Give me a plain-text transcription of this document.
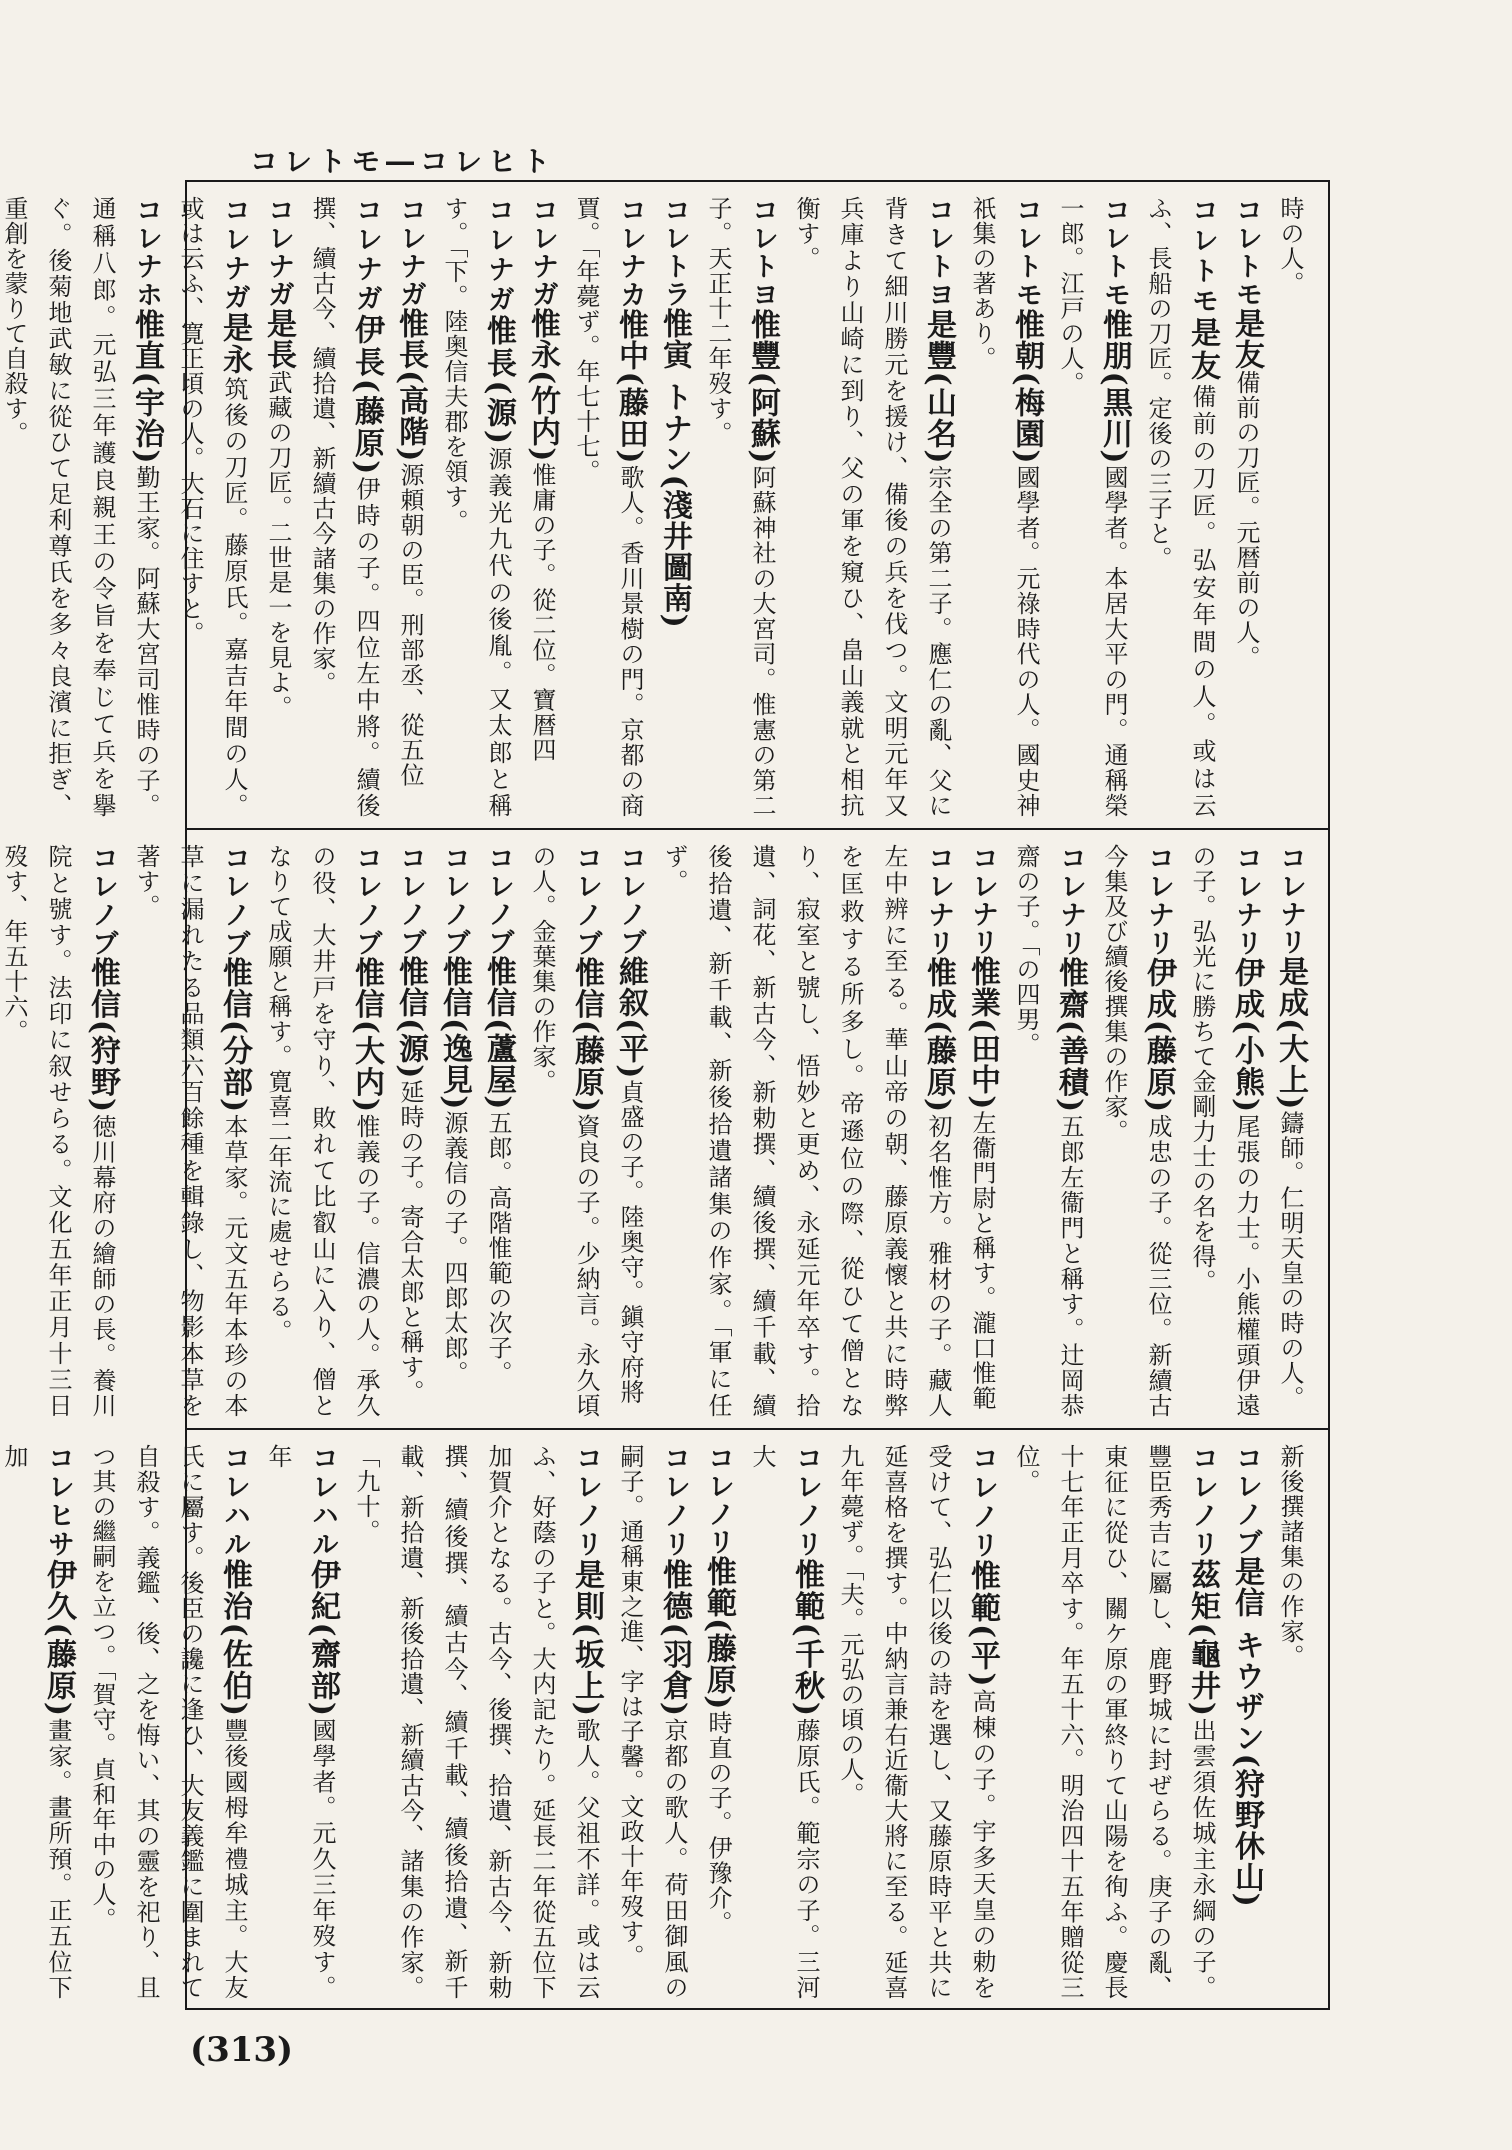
コレトモ―コレヒト

時の人。

コレトモ是友備前の刀匠。元暦前の人。

コレトモ是友備前の刀匠。弘安年間の人。或は云ふ、長船の刀匠。定後の三子と。

コレトモ惟朋(黒川)國學者。本居大平の門。通稱榮一郎。江戸の人。

コレトモ惟朝(梅園)國學者。元祿時代の人。國史神祇集の著あり。

コレトヨ是豐(山名)宗全の第二子。應仁の亂、父に背きて細川勝元を援け、備後の兵を伐つ。文明元年又兵庫より山崎に到り、父の軍を窺ひ、畠山義就と相抗衡す。

コレトヨ惟豐(阿蘇)阿蘇神社の大宮司。惟憲の第二子。天正十二年歿す。

コレトラ惟寅 トナン(淺井圖南)

コレナカ惟中(藤田)歌人。香川景樹の門。京都の商賈。「年薨ず。年七十七。

コレナガ惟永(竹内)惟庸の子。從二位。寶暦四

コレナガ惟長(源)源義光九代の後胤。又太郎と稱す。「下。陸奥信夫郡を領す。

コレナガ惟長(高階)源頼朝の臣。刑部丞、從五位

コレナガ伊長(藤原)伊時の子。四位左中將。續後撰、續古今、續拾遺、新續古今諸集の作家。

コレナガ是長武藏の刀匠。二世是一を見よ。

コレナガ是永筑後の刀匠。藤原氏。嘉吉年間の人。或は云ふ、寛正頃の人。大石に住すと。

コレナホ惟直(宇治)勤王家。阿蘇大宮司惟時の子。通稱八郎。元弘三年護良親王の令旨を奉じて兵を擧ぐ。後菊地武敏に從ひて足利尊氏を多々良濱に拒ぎ、重創を蒙りて自殺す。

コレナリ是成(大上)鑄師。仁明天皇の時の人。

コレナリ伊成(小熊)尾張の力士。小熊權頭伊遠の子。弘光に勝ちて金剛力士の名を得。

コレナリ伊成(藤原)成忠の子。從三位。新續古今集及び續後撰集の作家。

コレナリ惟齋(善積)五郎左衞門と稱す。辻岡恭齋の子。「の四男。

コレナリ惟業(田中)左衞門尉と稱す。瀧口惟範

コレナリ惟成(藤原)初名惟方。雅材の子。藏人左中辨に至る。華山帝の朝、藤原義懷と共に時弊を匡救する所多し。帝遜位の際、從ひて僧となり、寂室と號し、悟妙と更め、永延元年卒す。拾遺、詞花、新古今、新勅撰、續後撰、續千載、續後拾遺、新千載、新後拾遺諸集の作家。「軍に任ず。

コレノブ維叙(平)貞盛の子。陸奥守。鎭守府將

コレノブ惟信(藤原)資良の子。少納言。永久頃の人。金葉集の作家。

コレノブ惟信(蘆屋)五郎。高階惟範の次子。

コレノブ惟信(逸見)源義信の子。四郎太郎。

コレノブ惟信(源)延時の子。寄合太郎と稱す。

コレノブ惟信(大内)惟義の子。信濃の人。承久の役、大井戸を守り、敗れて比叡山に入り、僧となりて成願と稱す。寛喜二年流に處せらる。

コレノブ惟信(分部)本草家。元文五年本珍の本草に漏れたる品類六百餘種を輯錄し、物影本草を著す。

コレノブ惟信(狩野)徳川幕府の繪師の長。養川院と號す。法印に叙せらる。文化五年正月十三日歿す、年五十六。

新後撰諸集の作家。

コレノブ是信 キウザン(狩野休山)

コレノリ茲矩(龜井)出雲須佐城主永綱の子。豐臣秀吉に屬し、鹿野城に封ぜらる。庚子の亂、東征に從ひ、關ケ原の軍終りて山陽を徇ふ。慶長十七年正月卒す。年五十六。明治四十五年贈從三位。

コレノリ惟範(平)高棟の子。宇多天皇の勅を受けて、弘仁以後の詩を選し、又藤原時平と共に延喜格を撰す。中納言兼右近衞大將に至る。延喜九年薨ず。「夫。元弘の頃の人。

コレノリ惟範(千秋)藤原氏。範宗の子。三河大

コレノリ惟範(藤原)時直の子。伊豫介。

コレノリ惟德(羽倉)京都の歌人。荷田御風の嗣子。通稱東之進、字は子馨。文政十年歿す。

コレノリ是則(坂上)歌人。父祖不詳。或は云ふ、好蔭の子と。大内記たり。延長二年從五位下加賀介となる。古今、後撰、拾遺、新古今、新勅撰、續後撰、續古今、續千載、續後拾遺、新千載、新拾遺、新後拾遺、新續古今、諸集の作家。「九十。

コレハル伊紀(齋部)國學者。元久三年歿す。年

コレハル惟治(佐伯)豐後國栂牟禮城主。大友氏に屬す。後臣の讒に逢ひ、大友義鑑に圍まれて自殺す。義鑑、後、之を悔い、其の靈を祀り、且つ其の繼嗣を立つ。「賀守。貞和年中の人。

コレヒサ伊久(藤原)畫家。畫所預。正五位下加

(313)
